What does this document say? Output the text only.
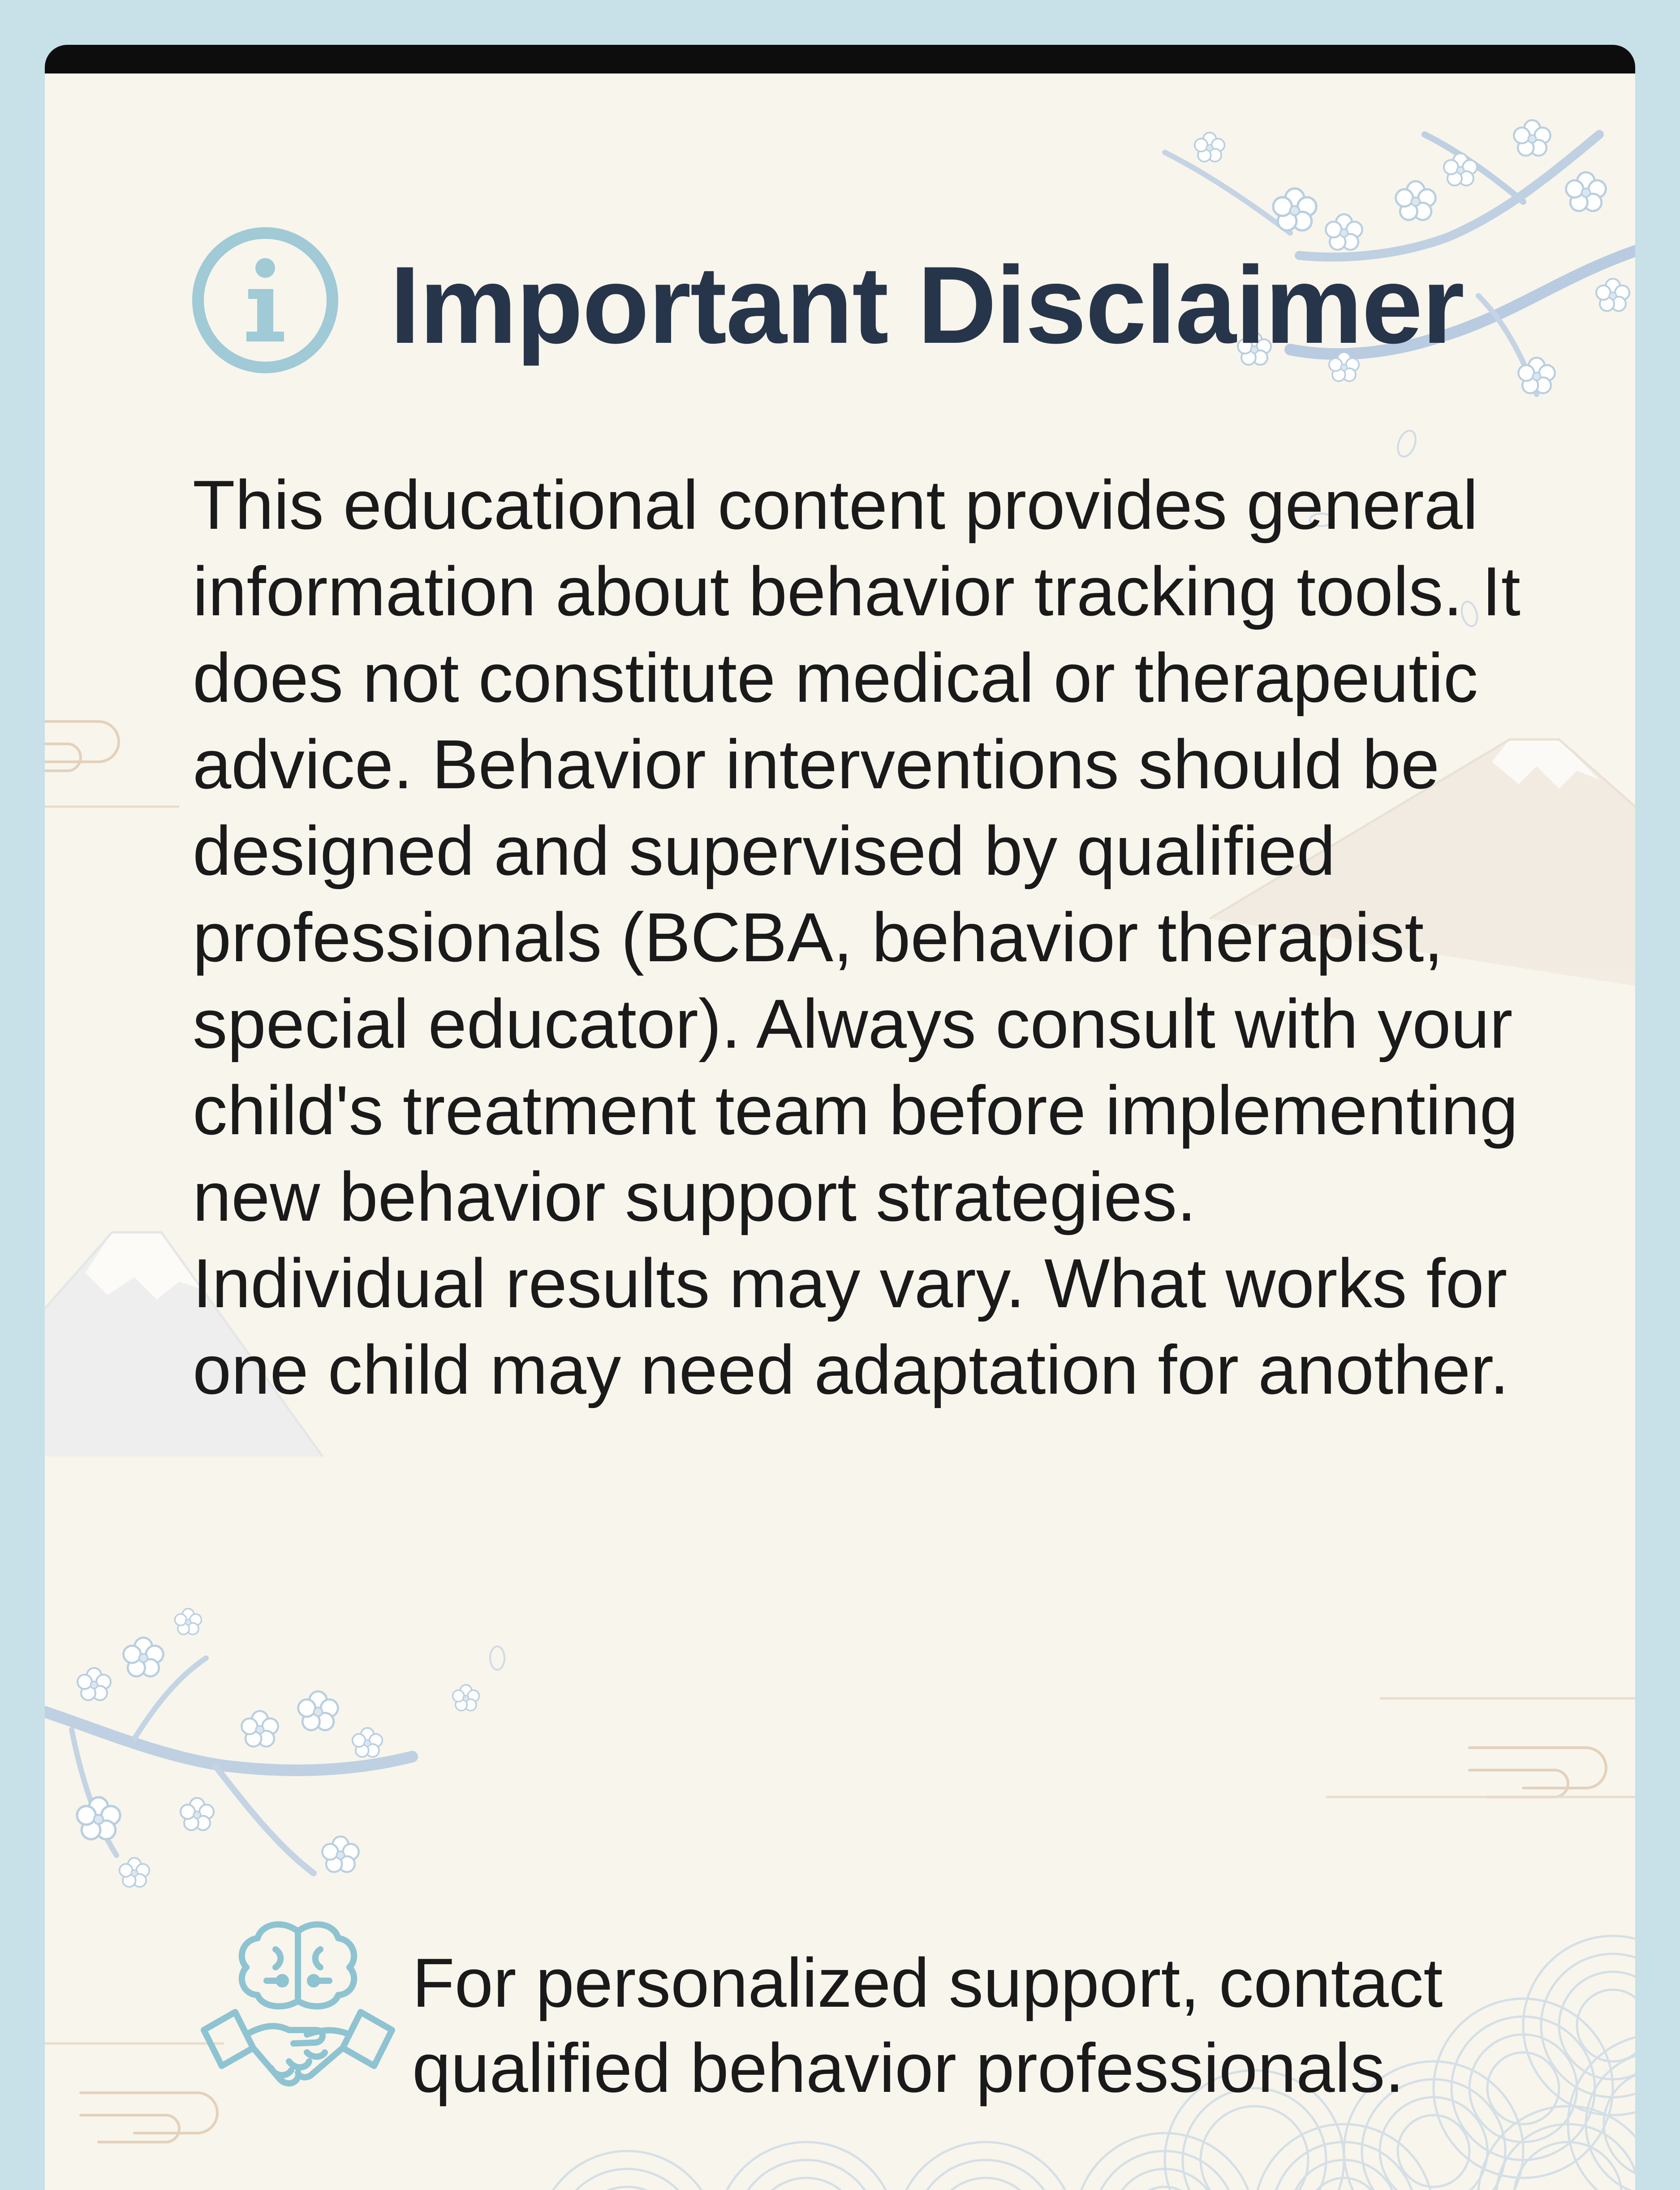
Important Disclaimer

This educational content provides general information about behavior tracking tools. It does not constitute medical or therapeutic advice. Behavior interventions should be designed and supervised by qualified professionals (BCBA, behavior therapist, special educator). Always consult with your child's treatment team before implementing new behavior support strategies.

Individual results may vary. What works for one child may need adaptation for another.

For personalized support, contact qualified behavior professionals.
